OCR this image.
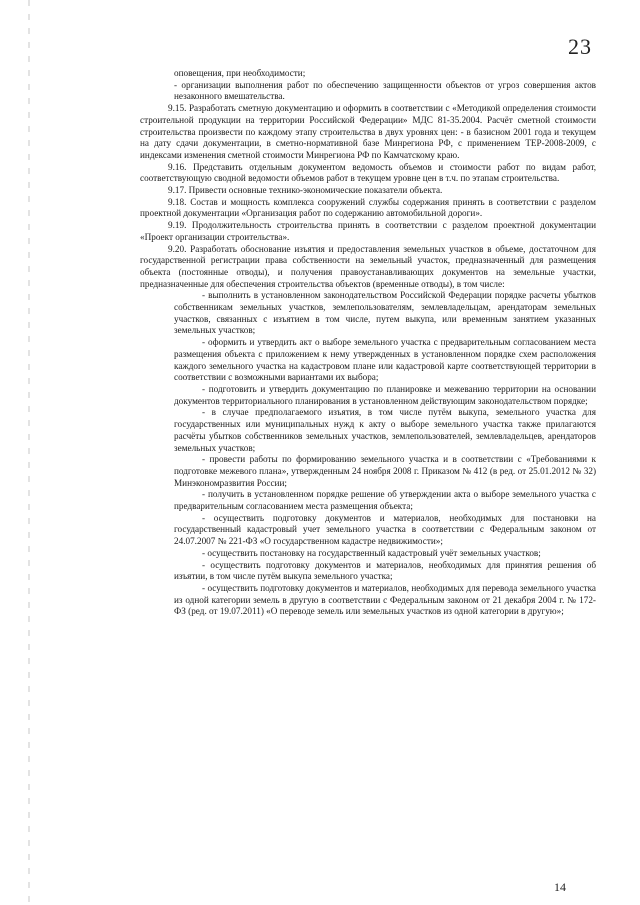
23

оповещения, при необходимости;

- организации выполнения работ по обеспечению защищенности объектов от угроз совершения актов незаконного вмешательства.

9.15. Разработать сметную документацию и оформить в соответствии с «Методикой определения стоимости строительной продукции на территории Российской Федерации» МДС 81-35.2004. Расчёт сметной стоимости строительства произвести по каждому этапу строительства в двух уровнях цен: - в базисном 2001 года и текущем на дату сдачи документации, в сметно-нормативной базе Минрегиона РФ, с применением ТЕР-2008-2009, с индексами изменения сметной стоимости Минрегиона РФ по Камчатскому краю.

9.16. Представить отдельным документом ведомость объемов и стоимости работ по видам работ, соответствующую сводной ведомости объемов работ в текущем уровне цен в т.ч. по этапам строительства.

9.17. Привести основные технико-экономические показатели объекта.

9.18. Состав и мощность комплекса сооружений службы содержания принять в соответствии с разделом проектной документации «Организация работ по содержанию автомобильной дороги».

9.19. Продолжительность строительства принять в соответствии с разделом проектной документации «Проект организации строительства».

9.20. Разработать обоснование изъятия и предоставления земельных участков в объеме, достаточном для государственной регистрации права собственности на земельный участок, предназначенный для размещения объекта (постоянные отводы), и получения правоустанавливающих документов на земельные участки, предназначенные для обеспечения строительства объектов (временные отводы), в том числе:

- выполнить в установленном законодательством Российской Федерации порядке расчеты убытков собственникам земельных участков, землепользователям, землевладельцам, арендаторам земельных участков, связанных с изъятием в том числе, путем выкупа, или временным занятием указанных земельных участков;

- оформить и утвердить акт о выборе земельного участка с предварительным согласованием места размещения объекта с приложением к нему утвержденных в установленном порядке схем расположения каждого земельного участка на кадастровом плане или кадастровой карте соответствующей территории в соответствии с возможными вариантами их выбора;

- подготовить и утвердить документацию по планировке и межеванию территории на основании документов территориального планирования в установленном действующим законодательством порядке;

- в случае предполагаемого изъятия, в том числе путём выкупа, земельного участка для государственных или муниципальных нужд к акту о выборе земельного участка также прилагаются расчёты убытков собственников земельных участков, землепользователей, землевладельцев, арендаторов земельных участков;

- провести работы по формированию земельного участка и в соответствии с «Требованиями к подготовке межевого плана», утвержденным 24 ноября 2008 г. Приказом № 412 (в ред. от 25.01.2012 № 32) Минэкономразвития России;

- получить в установленном порядке решение об утверждении акта о выборе земельного участка с предварительным согласованием места размещения объекта;

- осуществить подготовку документов и материалов, необходимых для постановки на государственный кадастровый учет земельного участка в соответствии с Федеральным законом от 24.07.2007 № 221-ФЗ «О государственном кадастре недвижимости»;

- осуществить постановку на государственный кадастровый учёт земельных участков;

- осуществить подготовку документов и материалов, необходимых для принятия решения об изъятии, в том числе путём выкупа земельного участка;

- осуществить подготовку документов и материалов, необходимых для перевода земельного участка из одной категории земель в другую в соответствии с Федеральным законом от 21 декабря 2004 г. № 172-ФЗ (ред. от 19.07.2011) «О переводе земель или земельных участков из одной категории в другую»;

14
